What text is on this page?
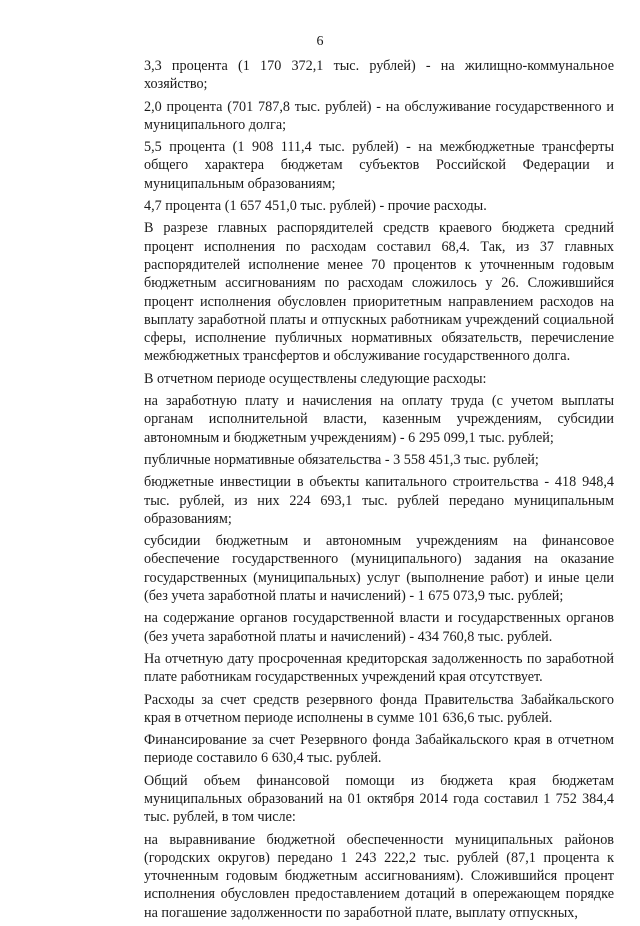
6

3,3 процента (1 170 372,1 тыс. рублей) - на жилищно-коммунальное хозяйство;

2,0 процента (701 787,8 тыс. рублей) - на обслуживание государственного и муниципального долга;

5,5 процента (1 908 111,4 тыс. рублей) - на межбюджетные трансферты общего характера бюджетам субъектов Российской Федерации и муниципальным образованиям;

4,7 процента (1 657 451,0 тыс. рублей) - прочие расходы.

В разрезе главных распорядителей средств краевого бюджета средний процент исполнения по расходам составил 68,4. Так, из 37 главных распорядителей исполнение менее 70 процентов к уточненным годовым бюджетным ассигнованиям по расходам сложилось у 26. Сложившийся процент исполнения обусловлен приоритетным направлением расходов на выплату заработной платы и отпускных работникам учреждений социальной сферы, исполнение публичных нормативных обязательств, перечисление межбюджетных трансфертов и обслуживание государственного долга.

В отчетном периоде осуществлены следующие расходы:

на заработную плату и начисления на оплату труда (с учетом выплаты органам исполнительной власти, казенным учреждениям, субсидии автономным и бюджетным учреждениям) - 6 295 099,1 тыс. рублей;

публичные нормативные обязательства - 3 558 451,3 тыс. рублей;

бюджетные инвестиции в объекты капитального строительства - 418 948,4 тыс. рублей, из них 224 693,1 тыс. рублей передано муниципальным образованиям;

субсидии бюджетным и автономным учреждениям на финансовое обеспечение государственного (муниципального) задания на оказание государственных (муниципальных) услуг (выполнение работ) и иные цели (без учета заработной платы и начислений) - 1 675 073,9 тыс. рублей;

на содержание органов государственной власти и государственных органов (без учета заработной платы и начислений) - 434 760,8 тыс. рублей.

На отчетную дату просроченная кредиторская задолженность по заработной плате работникам государственных учреждений края отсутствует.

Расходы за счет средств резервного фонда Правительства Забайкальского края в отчетном периоде исполнены в сумме 101 636,6 тыс. рублей.

Финансирование за счет Резервного фонда Забайкальского края в отчетном периоде составило 6 630,4 тыс. рублей.

Общий объем финансовой помощи из бюджета края бюджетам муниципальных образований на 01 октября 2014 года составил 1 752 384,4 тыс. рублей, в том числе:

на выравнивание бюджетной обеспеченности муниципальных районов (городских округов) передано 1 243 222,2 тыс. рублей (87,1 процента к уточненным годовым бюджетным ассигнованиям). Сложившийся процент исполнения обусловлен предоставлением дотаций в опережающем порядке на погашение задолженности по заработной плате, выплату отпускных,
